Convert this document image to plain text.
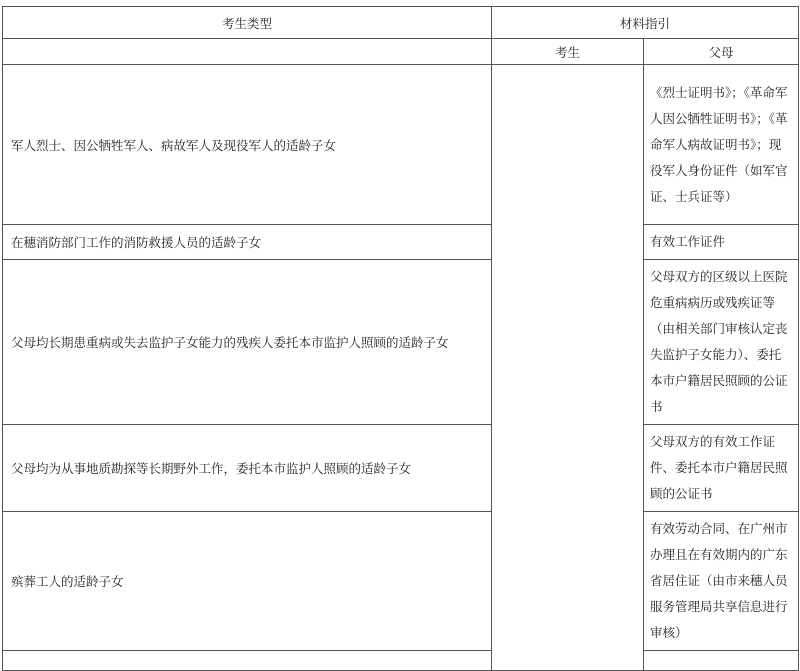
考生类型	材料指引	
	考生	父母
军人烈士、因公牺牲军人、病故军人及现役军人的适龄子女		《烈士证明书》；《革命军人因公牺牲证明书》；《革命军人病故证明书》；现役军人身份证件（如军官证、士兵证等）
在穗消防部门工作的消防救援人员的适龄子女		有效工作证件
父母均长期患重病或失去监护子女能力的残疾人委托本市监护人照顾的适龄子女		父母双方的区级以上医院危重病病历或残疾证等（由相关部门审核认定丧失监护子女能力）、委托本市户籍居民照顾的公证书
父母均为从事地质勘探等长期野外工作，委托本市监护人照顾的适龄子女		父母双方的有效工作证件、委托本市户籍居民照顾的公证书
殡葬工人的适龄子女		有效劳动合同、在广州市办理且在有效期内的广东省居住证（由市来穗人员服务管理局共享信息进行审核）
